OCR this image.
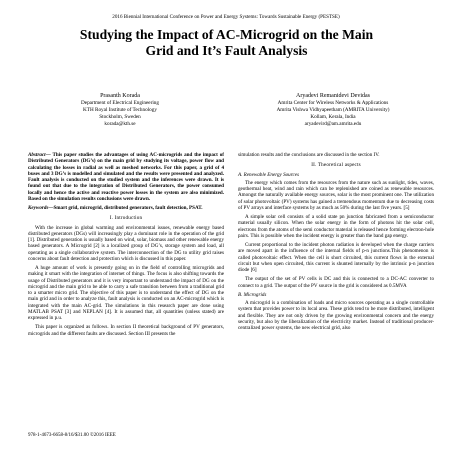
2016 Biennial International Conference on Power and Energy Systems: Towards Sustainable Energy (PESTSE)
Studying the Impact of AC-Microgrid on the Main
Grid and It’s Fault Analysis
Prasanth Korada
Department of Electrical Engineering
KTH Royal Institute of Technology
Stockholm, Sweden
korada@kth.se
Aryadevi Remanidevi Devidas
Amrita Center for Wireless Networks & Applications
Amrita Vishwa Vidhyapeetham (AMRITA University)
Kollam, Kerala, India
aryadevird@am.amrita.edu

Abstract— This paper studies the advantages of using AC-microgrids and the impact of Distributed Generators (DG’s) on the main grid by studying its voltage, power flow and calculating the losses in radial as well as meshed networks. For this paper, a grid of 4 buses and 3 DG’s is modelled and simulated and the results were presented and analyzed. Fault analysis is conducted on the studied system and the inferences were drawn. It is found out that due to the integration of Distributed Generators, the power consumed locally and hence the active and reactive power losses in the system are also minimized. Based on the simulation results conclusions were drawn.

Keywords—Smart grid, microgrid, distributed generators, fault detection, PSAT.

I. Introduction

With the increase in global warming and environmental issues, renewable energy based distributed generators (DGs) will increasingly play a dominant role in the operation of the grid [1]. Distributed generation is usually based on wind, solar, biomass and other renewable energy based generators. A Microgrid [2] is a localized group of DG’s, storage system and load, all operating as a single collaborative system. The interconnection of the DG to utility grid raises concerns about fault detection and protection which is discussed in this paper.

A huge amount of work is presently going on in the field of controlling microgrids and making it smart with the integration of internet of things. The focus is also shifting towards the usage of Distributed generators and it is very important to understand the impact of DG on the microgrid and the main grid to be able to carry a safe transition between from a traditional grid to a smarter micro grid. The objective of this paper is to understand the effect of DG on the main grid and in order to analyze this, fault analysis is conducted on an AC-microgrid which is integrated with the main AC-grid. The simulations in this research paper are done using MATLAB PSAT [3] and NEPLAN [4]. It is assumed that, all quantities (unless stated) are expressed in p.u.

This paper is organized as follows. In section II theoretical background of PV generators, microgrids and the different faults are discussed. Section III presents the

simulation results and the conclusions are discussed in the section IV.

II. Theoretical aspects
A. Renewable Energy Sources

The energy which comes from the resources from the nature such as sunlight, tides, waves, geothermal heat, wind and rain which can be replenished are coined as renewable resources. Amongst the naturally available energy sources, solar is the most prominent one. The utilization of solar photovoltaic (PV) systems has gained a tremendous momentum due to decreasing costs of PV arrays and interface systems by as much as 50% during the last five years. [5]

A simple solar cell consists of a solid state pn junction fabricated from a semiconductor material usually silicon. When the solar energy in the form of photons hit the solar cell, electrons from the atoms of the semi conductor material is released hence forming electron-hole pairs. This is possible when the incident energy is greater than the band gap energy.

Current proportional to the incident photon radiation is developed when the charge carriers are moved apart in the influence of the internal fields of p-n junctions.This phenomenon is called photovoltaic effect. When the cell is short circuited, this current flows in the external circuit but when open circuited, this current is shunted internally by the intrinsic p-n junction diode [6]

The output of the set of PV cells is DC and this is connected to a DC-AC converter to connect to a grid. The output of the PV source in the grid is considered as 0.5MVA

B. Microgrids

A microgrid is a combination of loads and micro sources operating as a single controllable system that provides power to its local area. These grids tend to be more distributed, intelligent and flexible. They are not only driven by the growing environmental concern and the energy security, but also by the liberalization of the electricity market. Instead of traditional producer-centralized power systems, the new electrical grid, also

978-1-4673-6658-8/16/$31.00 ©2016 IEEE
